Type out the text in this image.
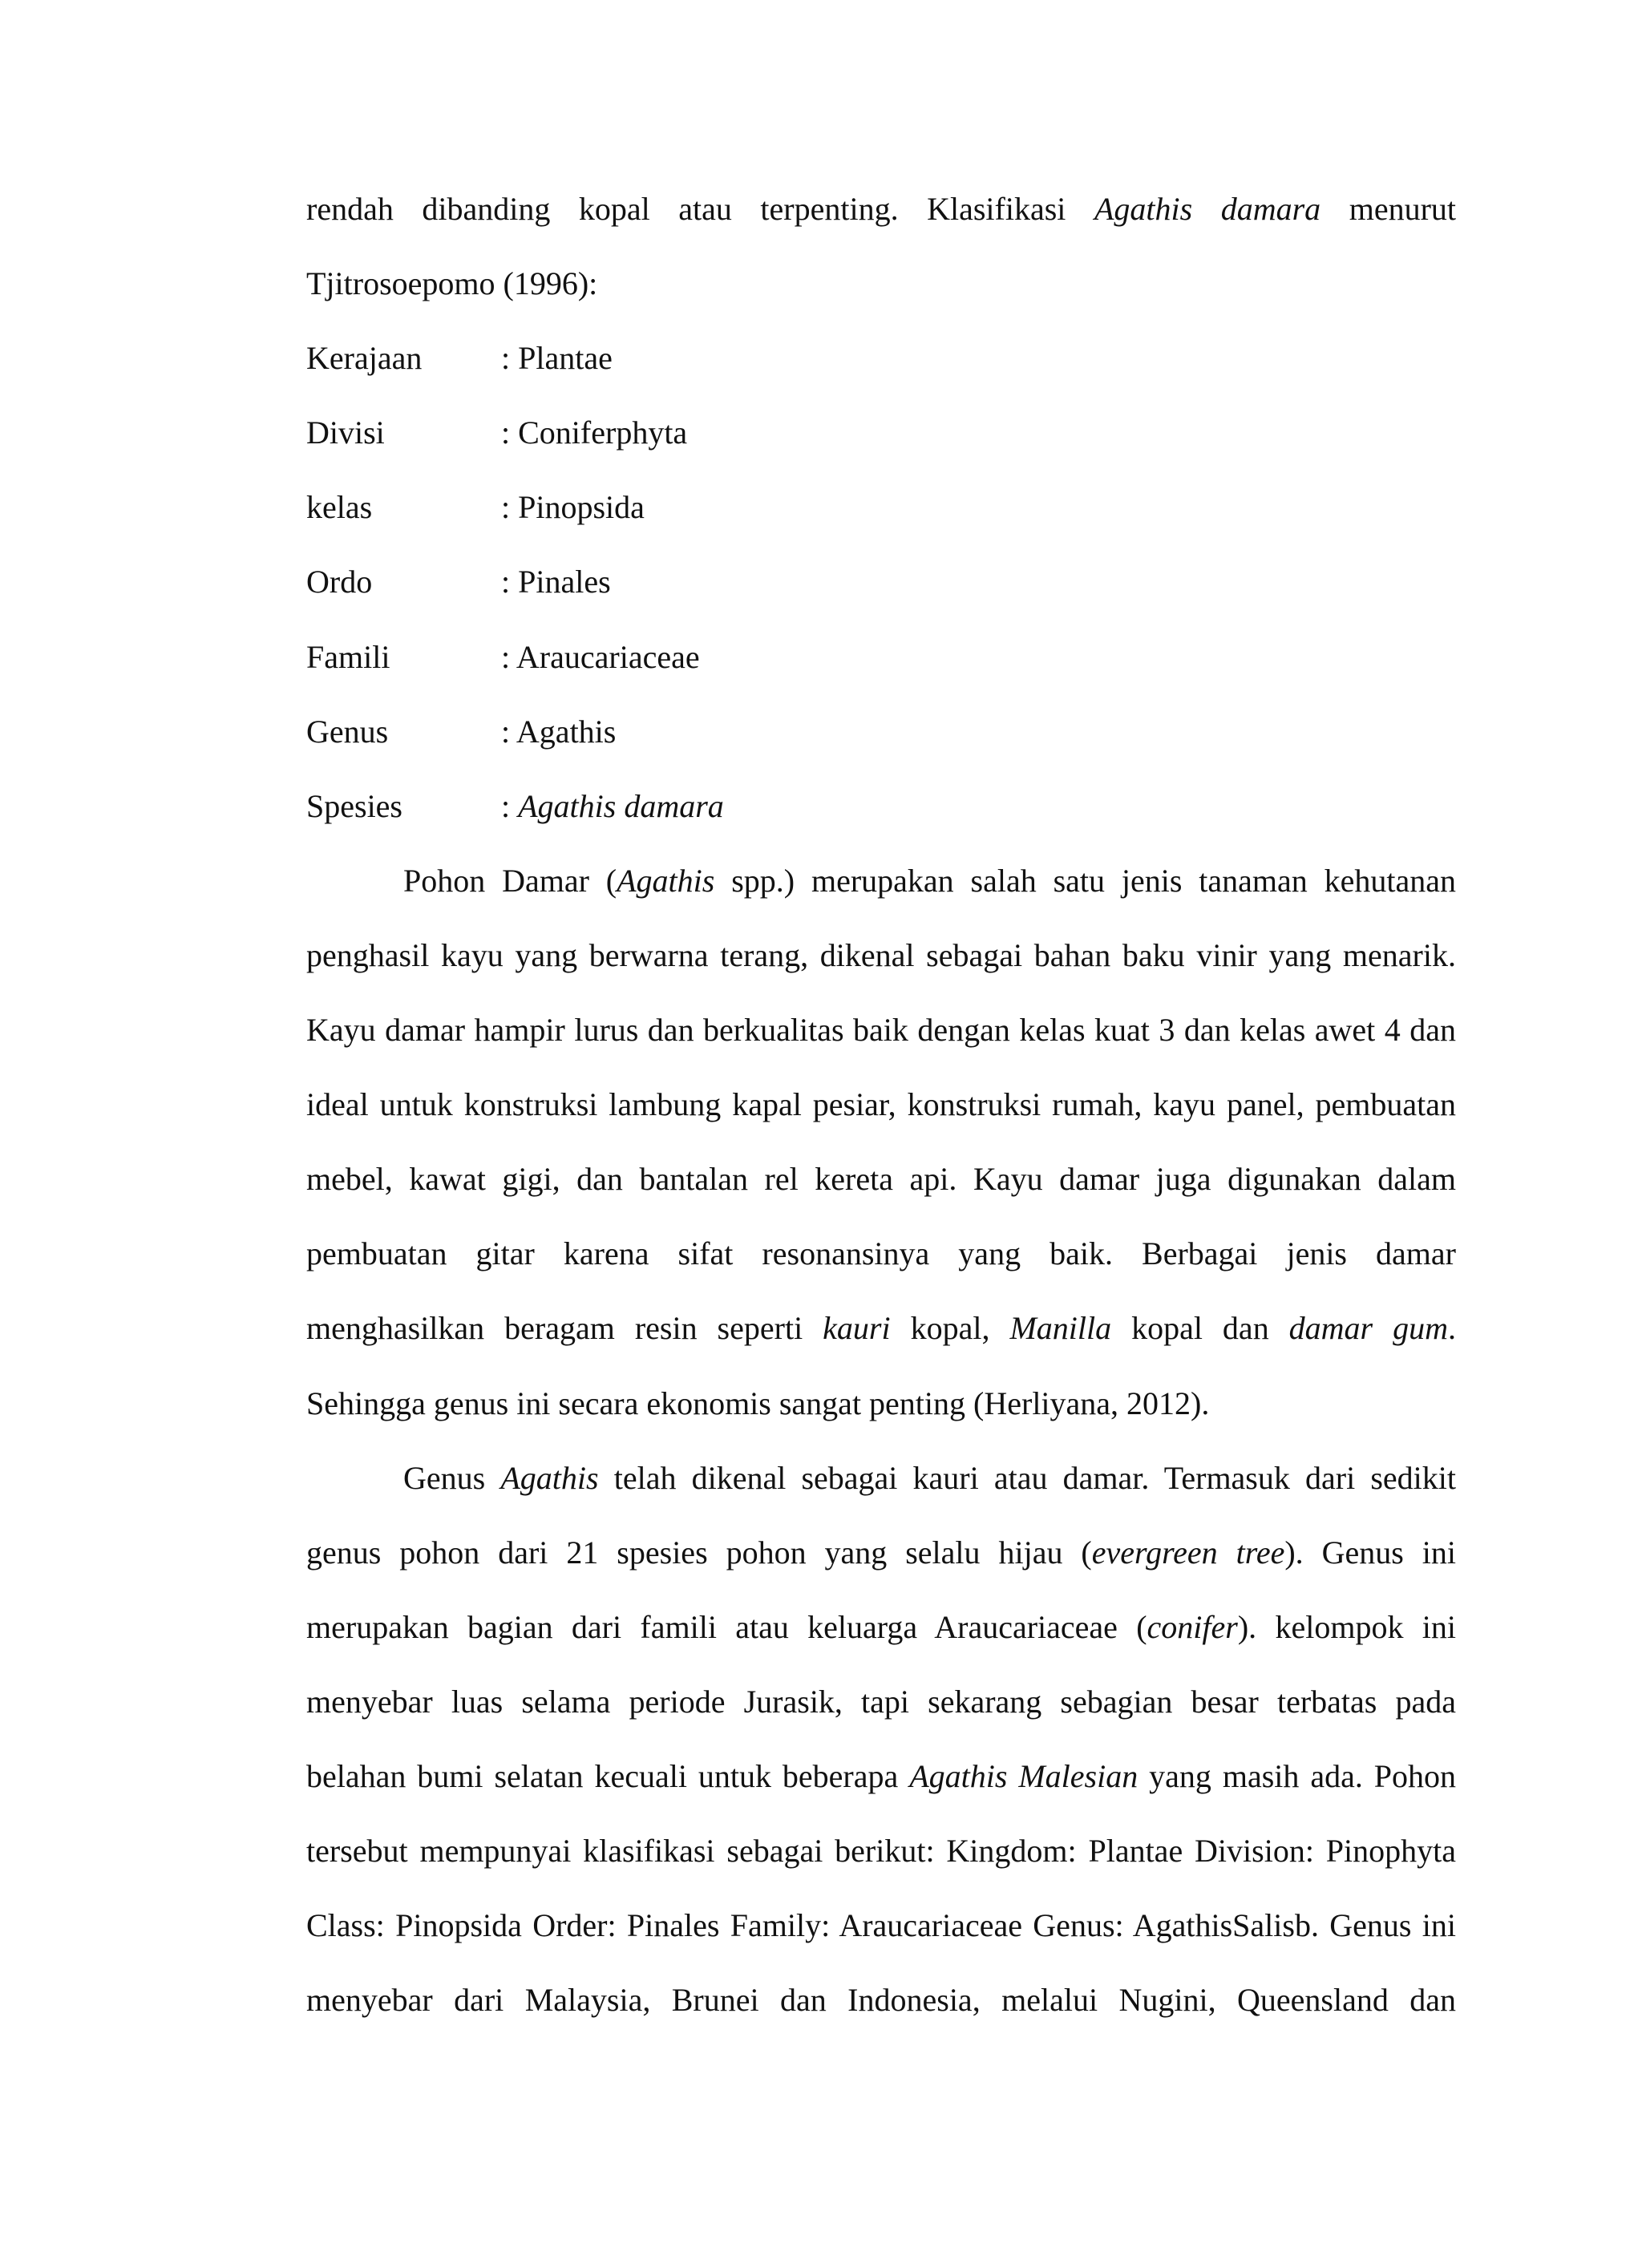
rendah dibanding kopal atau terpenting. Klasifikasi Agathis damara menurut
Tjitrosoepomo (1996):
Kerajaan : Plantae
Divisi	: Coniferphyta
kelas	: Pinopsida
Ordo	: Pinales
Famili	: Araucariaceae
Genus	: Agathis
Spesies	: Agathis damara
Pohon Damar (Agathis spp.) merupakan salah satu jenis tanaman kehutanan
penghasil kayu yang berwarna terang, dikenal sebagai bahan baku vinir yang menarik.
Kayu damar hampir lurus dan berkualitas baik dengan kelas kuat 3 dan kelas awet 4 dan
ideal untuk konstruksi lambung kapal pesiar, konstruksi rumah, kayu panel, pembuatan
mebel, kawat gigi, dan bantalan rel kereta api. Kayu damar juga digunakan dalam
pembuatan gitar karena sifat resonansinya yang baik. Berbagai jenis damar
menghasilkan beragam resin seperti kauri kopal, Manilla kopal dan damar gum.
Sehingga genus ini secara ekonomis sangat penting (Herliyana, 2012).
Genus Agathis telah dikenal sebagai kauri atau damar. Termasuk dari sedikit
genus pohon dari 21 spesies pohon yang selalu hijau (evergreen tree). Genus ini
merupakan bagian dari famili atau keluarga Araucariaceae (conifer). kelompok ini
menyebar luas selama periode Jurasik, tapi sekarang sebagian besar terbatas pada
belahan bumi selatan kecuali untuk beberapa Agathis Malesian yang masih ada. Pohon
tersebut mempunyai klasifikasi sebagai berikut: Kingdom: Plantae Division: Pinophyta
Class: Pinopsida Order: Pinales Family: Araucariaceae Genus: AgathisSalisb. Genus ini
menyebar dari Malaysia, Brunei dan Indonesia, melalui Nugini, Queensland dan
